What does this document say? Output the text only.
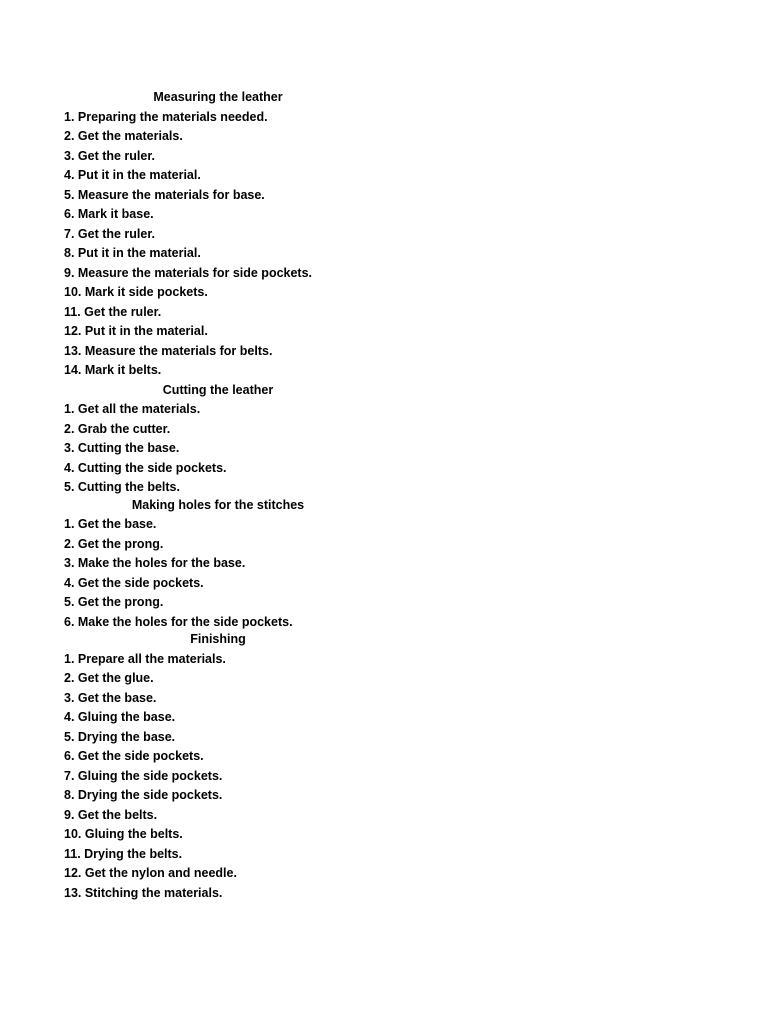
Measuring the leather
1. Preparing the materials needed.
2. Get the materials.
3. Get the ruler.
4. Put it in the material.
5. Measure the materials for base.
6. Mark it base.
7. Get the ruler.
8. Put it in the material.
9. Measure the materials for side pockets.
10. Mark it side pockets.
11. Get the ruler.
12. Put it in the material.
13. Measure the materials for belts.
14. Mark it belts.
Cutting the leather
1. Get all the materials.
2. Grab the cutter.
3. Cutting the base.
4. Cutting the side pockets.
5. Cutting the belts.
Making holes for the stitches
1. Get the base.
2. Get the prong.
3. Make the holes for the base.
4. Get the side pockets.
5. Get the prong.
6. Make the holes for the side pockets.
Finishing
1. Prepare all the materials.
2. Get the glue.
3. Get the base.
4. Gluing the base.
5. Drying the base.
6. Get the side pockets.
7. Gluing the side pockets.
8. Drying the side pockets.
9. Get the belts.
10. Gluing the belts.
11. Drying the belts.
12. Get the nylon and needle.
13. Stitching the materials.
